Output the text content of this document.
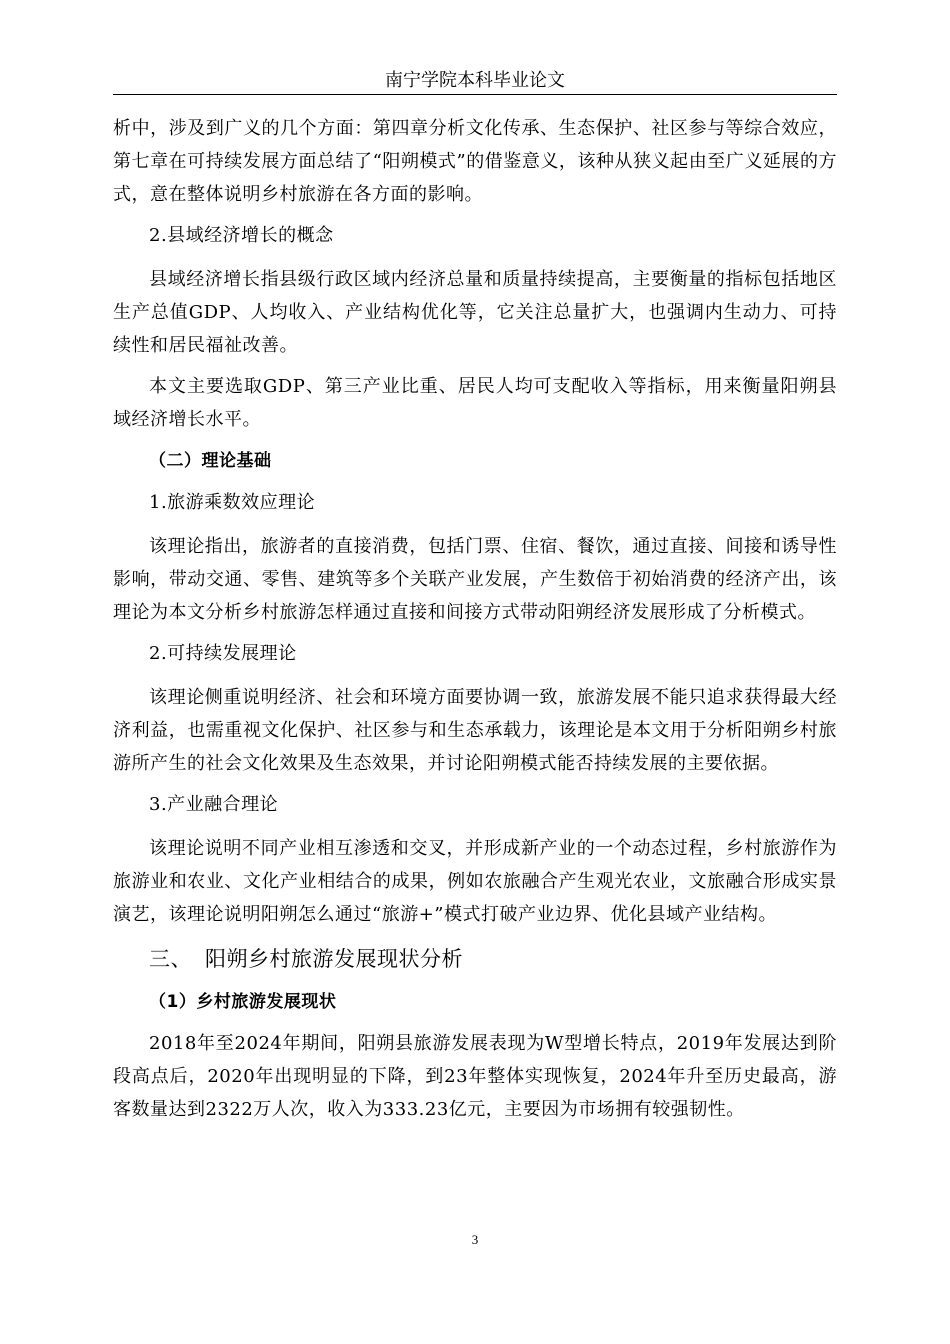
南宁学院本科毕业论文

析中，涉及到广义的几个方面：第四章分析文化传承、生态保护、社区参与等综合效应，第七章在可持续发展方面总结了“阳朔模式”的借鉴意义，该种从狭义起由至广义延展的方式，意在整体说明乡村旅游在各方面的影响。

2.县域经济增长的概念

县域经济增长指县级行政区域内经济总量和质量持续提高，主要衡量的指标包括地区生产总值GDP、人均收入、产业结构优化等，它关注总量扩大，也强调内生动力、可持续性和居民福祉改善。

本文主要选取GDP、第三产业比重、居民人均可支配收入等指标，用来衡量阳朔县域经济增长水平。

（二）理论基础
1.旅游乘数效应理论

该理论指出，旅游者的直接消费，包括门票、住宿、餐饮，通过直接、间接和诱导性影响，带动交通、零售、建筑等多个关联产业发展，产生数倍于初始消费的经济产出，该理论为本文分析乡村旅游怎样通过直接和间接方式带动阳朔经济发展形成了分析模式。

2.可持续发展理论

该理论侧重说明经济、社会和环境方面要协调一致，旅游发展不能只追求获得最大经济利益，也需重视文化保护、社区参与和生态承载力，该理论是本文用于分析阳朔乡村旅游所产生的社会文化效果及生态效果，并讨论阳朔模式能否持续发展的主要依据。

3.产业融合理论

该理论说明不同产业相互渗透和交叉，并形成新产业的一个动态过程，乡村旅游作为旅游业和农业、文化产业相结合的成果，例如农旅融合产生观光农业，文旅融合形成实景演艺，该理论说明阳朔怎么通过“旅游+”模式打破产业边界、优化县域产业结构。

三、 阳朔乡村旅游发展现状分析
（1）乡村旅游发展现状

2018年至2024年期间，阳朔县旅游发展表现为W型增长特点，2019年发展达到阶段高点后，2020年出现明显的下降，到23年整体实现恢复，2024年升至历史最高，游客数量达到2322万人次，收入为333.23亿元，主要因为市场拥有较强韧性。

3
